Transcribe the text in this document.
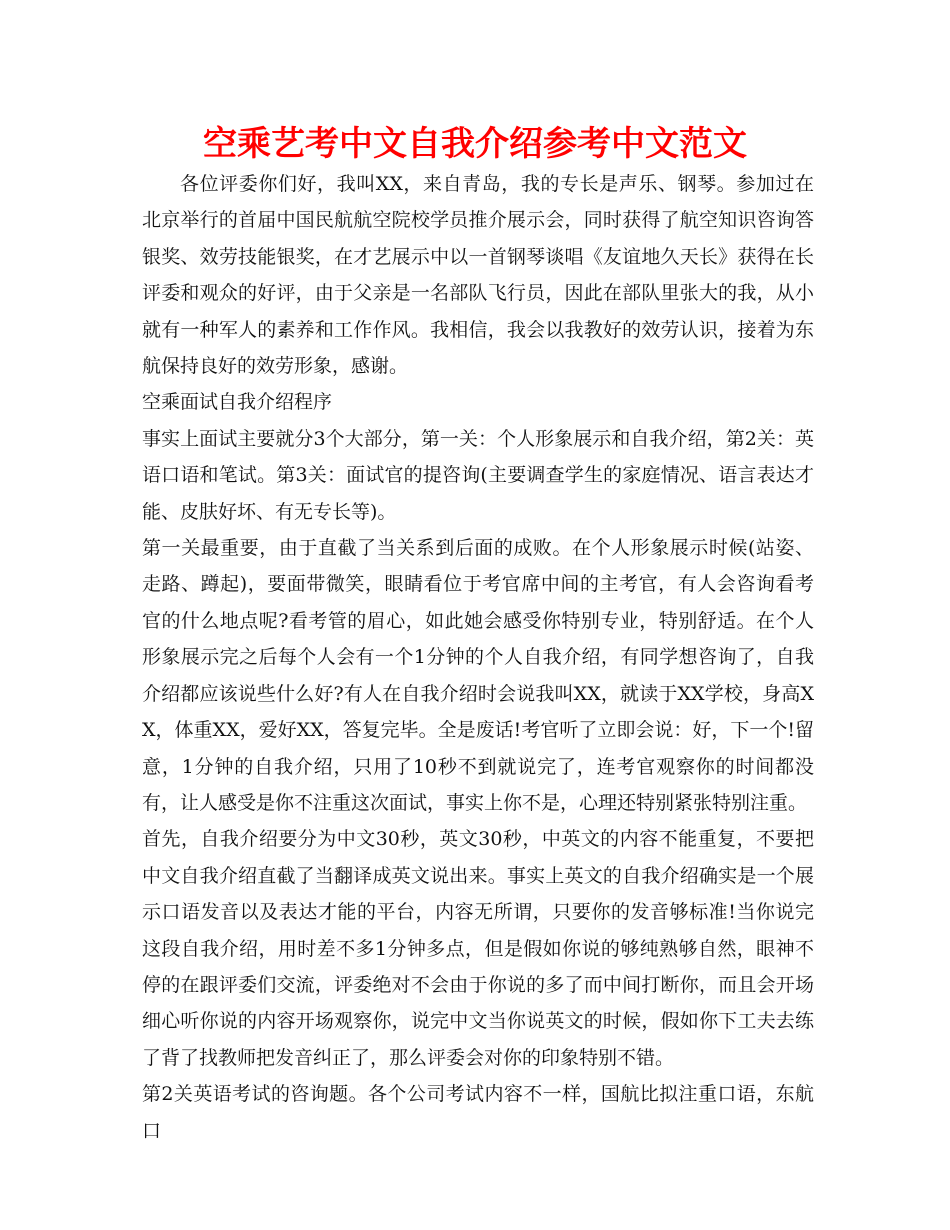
空乘艺考中文自我介绍参考中文范文

各位评委你们好，我叫XX，来自青岛，我的专长是声乐、钢琴。参加过在北京举行的首届中国民航航空院校学员推介展示会，同时获得了航空知识咨询答银奖、效劳技能银奖，在才艺展示中以一首钢琴谈唱《友谊地久天长》获得在长评委和观众的好评，由于父亲是一名部队飞行员，因此在部队里张大的我，从小就有一种军人的素养和工作作风。我相信，我会以我教好的效劳认识，接着为东航保持良好的效劳形象，感谢。

空乘面试自我介绍程序

事实上面试主要就分3个大部分，第一关：个人形象展示和自我介绍，第2关：英语口语和笔试。第3关：面试官的提咨询(主要调查学生的家庭情况、语言表达才能、皮肤好坏、有无专长等)。

第一关最重要，由于直截了当关系到后面的成败。在个人形象展示时候(站姿、走路、蹲起)，要面带微笑，眼睛看位于考官席中间的主考官，有人会咨询看考官的什么地点呢?看考管的眉心，如此她会感受你特别专业，特别舒适。在个人形象展示完之后每个人会有一个1分钟的个人自我介绍，有同学想咨询了，自我介绍都应该说些什么好?有人在自我介绍时会说我叫XX，就读于XX学校，身高XX，体重XX，爱好XX，答复完毕。全是废话!考官听了立即会说：好，下一个!留意，1分钟的自我介绍，只用了10秒不到就说完了，连考官观察你的时间都没有，让人感受是你不注重这次面试，事实上你不是，心理还特别紧张特别注重。

首先，自我介绍要分为中文30秒，英文30秒，中英文的内容不能重复，不要把中文自我介绍直截了当翻译成英文说出来。事实上英文的自我介绍确实是一个展示口语发音以及表达才能的平台，内容无所谓，只要你的发音够标准!当你说完这段自我介绍，用时差不多1分钟多点，但是假如你说的够纯熟够自然，眼神不停的在跟评委们交流，评委绝对不会由于你说的多了而中间打断你，而且会开场细心听你说的内容开场观察你，说完中文当你说英文的时候，假如你下工夫去练了背了找教师把发音纠正了，那么评委会对你的印象特别不错。

第2关英语考试的咨询题。各个公司考试内容不一样，国航比拟注重口语，东航口
